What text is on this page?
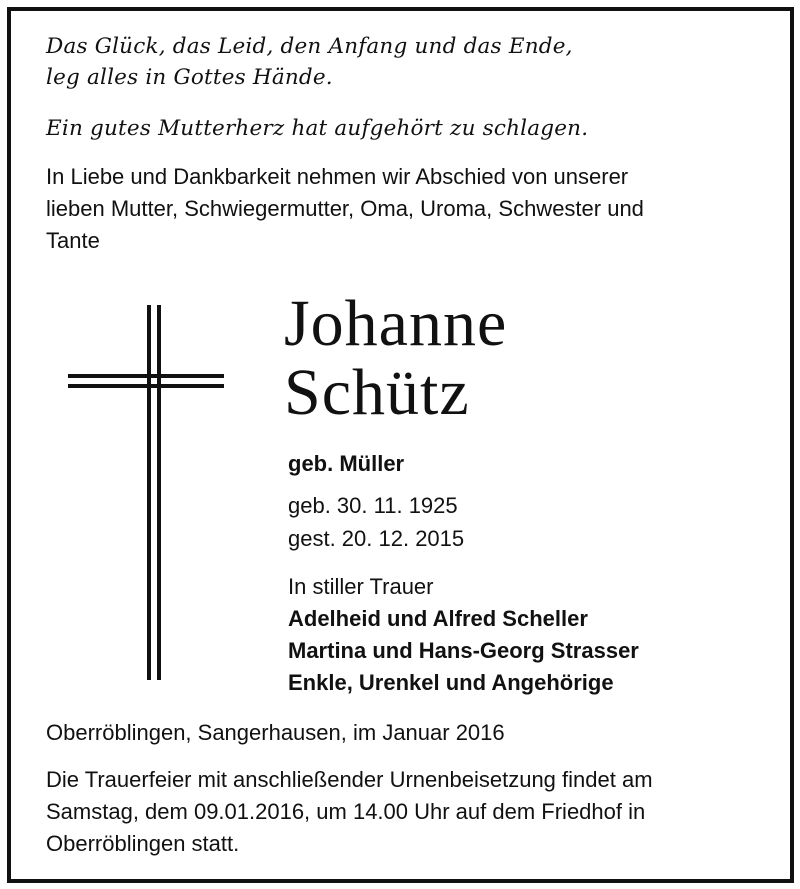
Das Glück, das Leid, den Anfang und das Ende,
leg alles in Gottes Hände.
Ein gutes Mutterherz hat aufgehört zu schlagen.
In Liebe und Dankbarkeit nehmen wir Abschied von unserer
lieben Mutter, Schwiegermutter, Oma, Uroma, Schwester und
Tante
Johanne
Schütz
geb. Müller
geb. 30. 11. 1925
gest. 20. 12. 2015
In stiller Trauer
Adelheid und Alfred Scheller
Martina und Hans-Georg Strasser
Enkle, Urenkel und Angehörige
Oberröblingen, Sangerhausen, im Januar 2016
Die Trauerfeier mit anschließender Urnenbeisetzung findet am
Samstag, dem 09.01.2016, um 14.00 Uhr auf dem Friedhof in
Oberröblingen statt.
